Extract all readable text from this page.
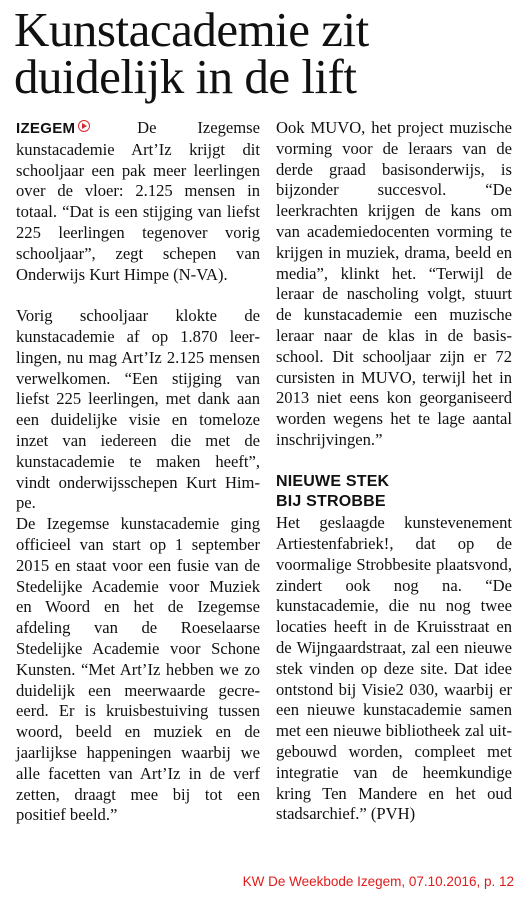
Kunstacademie zit duidelijk in de lift

IZEGEM	De Izegemse kunstacademie Art’Iz krijgt dit schooljaar een pak meer leerlingen over de vloer: 2.125 mensen in totaal. “Dat is een stijging van liefst 225 leerlingen tegenover vorig schooljaar”, zegt schepen van Onderwijs Kurt Himpe (N-VA).

Vorig schooljaar klokte de kunstacademie af op 1.870 leerlingen, nu mag Art’Iz 2.125 mensen verwelkomen. “Een stijging van liefst 225 leerlingen, met dank aan een duidelijke visie en tomeloze inzet van iedereen die met de kunstacademie te maken heeft”, vindt onderwijsschepen Kurt Himpe.

De Izegemse kunstacademie ging officieel van start op 1 september 2015 en staat voor een fusie van de Stedelijke Academie voor Muziek en Woord en het de Izegemse afdeling van de Roeselaarse Stedelijke Academie voor Schone Kunsten. “Met Art’Iz hebben we zo duidelijk een meerwaarde gecreeerd. Er is kruisbestuiving tussen woord, beeld en muziek en de jaarlijkse happeningen waarbij we alle facetten van Art’Iz in de verf zetten, draagt mee bij tot een positief beeld.”

Ook MUVO, het project muzische vorming voor de leraars van de derde graad basisonderwijs, is bijzonder succesvol. “De leerkrachten krijgen de kans om van academiedocenten vorming te krijgen in muziek, drama, beeld en media”, klinkt het. “Terwijl de leraar de nascholing volgt, stuurt de kunstacademie een muzische leraar naar de klas in de basisschool. Dit schooljaar zijn er 72 cursisten in MUVO, terwijl het in 2013 niet eens kon georganiseerd worden wegens het te lage aantal inschrijvingen.”

NIEUWE STEK
BIJ STROBBE

Het geslaagde kunstevenement Artiestenfabriek!, dat op de voormalige Strobbesite plaatsvond, zindert ook nog na. “De kunstacademie, die nu nog twee locaties heeft in de Kruisstraat en de Wijngaardstraat, zal een nieuwe stek vinden op deze site. Dat idee ontstond bij Visie2 030, waarbij er een nieuwe kunstacademie samen met een nieuwe bibliotheek zal uitgebouwd worden, compleet met integratie van de heemkundige kring Ten Mandere en het oud stadsarchief.” (PVH)

KW De Weekbode Izegem, 07.10.2016, p. 12
